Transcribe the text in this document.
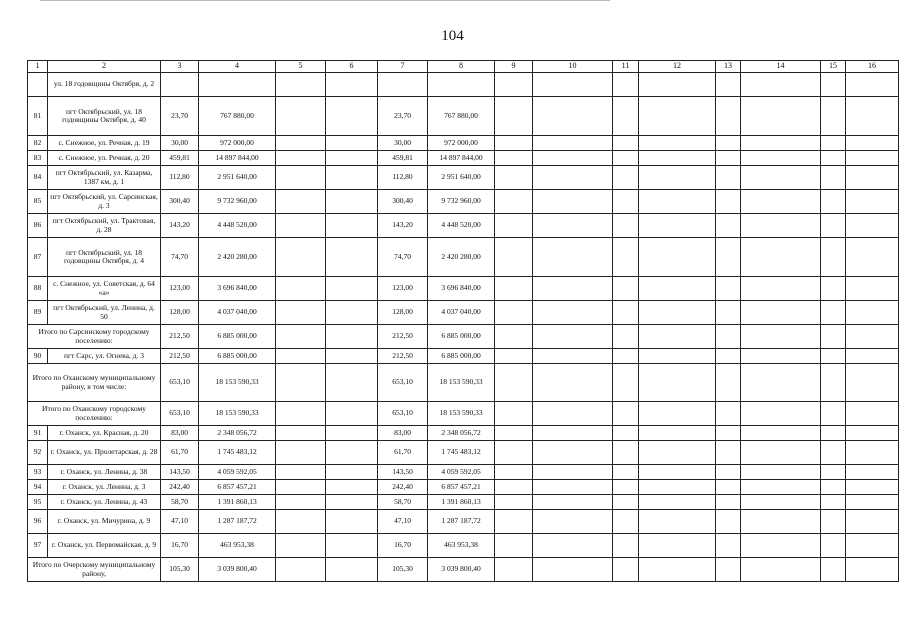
104
1	2	3	4	5	6	7	8	9	10	11	12	13	14	15	16
	ул. 18 годовщины Октября, д. 2														
81	пгт Октябрьский, ул. 18 годовщины Октября, д. 40	23,70	767 880,00			23,70	767 880,00								
82	с. Снежное, ул. Речная, д. 19	30,00	972 000,00			30,00	972 000,00								
83	с. Снежное, ул. Речная, д. 20	459,81	14 897 844,00			459,81	14 897 844,00								
84	пгт Октябрьский, ул. Казарма, 1387 км, д. 1	112,80	2 951 640,00			112,80	2 951 640,00								
85	пгт Октябрьский, ул. Сарсинская, д. 3	300,40	9 732 960,00			300,40	9 732 960,00								
86	пгт Октябрьский, ул. Трактовая, д. 28	143,20	4 448 520,00			143,20	4 448 520,00								
87	пгт Октябрьский, ул. 18 годовщины Октября, д. 4	74,70	2 420 280,00			74,70	2 420 280,00								
88	с. Снежное, ул. Советская, д. 64 «а»	123,00	3 696 840,00			123,00	3 696 840,00								
89	пгт Октябрьский, ул. Ленина, д. 50	128,00	4 037 040,00			128,00	4 037 040,00								
Итого по Сарсинскому городскому поселению:		212,50	6 885 000,00			212,50	6 885 000,00								
90	пгт Сарс, ул. Огнева, д. 3	212,50	6 885 000,00			212,50	6 885 000,00								
Итого по Оханскому муниципальному району, в том числе:		653,10	18 153 590,33			653,10	18 153 590,33								
Итого по Оханскому городскому поселению:		653,10	18 153 590,33			653,10	18 153 590,33								
91	г. Оханск, ул. Красная, д. 20	83,00	2 348 056,72			83,00	2 348 056,72								
92	г. Оханск, ул. Пролетарская, д. 28	61,70	1 745 483,12			61,70	1 745 483,12								
93	г. Оханск, ул. Ленина, д. 38	143,50	4 059 592,05			143,50	4 059 592,05								
94	г. Оханск, ул. Ленина, д. 3	242,40	6 857 457,21			242,40	6 857 457,21								
95	г. Оханск, ул. Ленина, д. 43	58,70	1 391 860,13			58,70	1 391 860,13								
96	г. Оханск, ул. Мичурина, д. 9	47,10	1 287 187,72			47,10	1 287 187,72								
97	г. Оханск, ул. Первомайская, д. 9	16,70	463 953,38			16,70	463 953,38								
Итого по Очерскому муниципальному району,		105,30	3 039 800,40			105,30	3 039 800,40								
